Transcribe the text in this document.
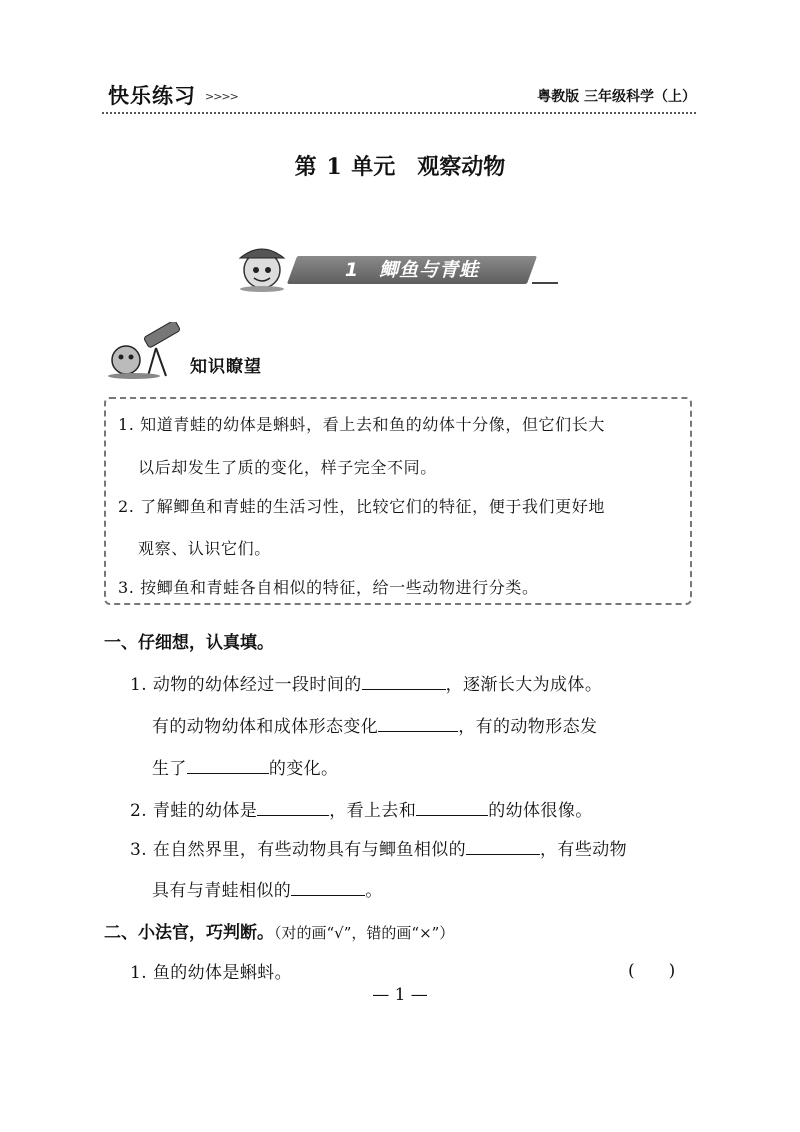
快乐练习 >>>>	粤教版 三年级科学（上）
第 1 单元　观察动物
1　鲫鱼与青蛙
知识瞭望
1. 知道青蛙的幼体是蝌蚪，看上去和鱼的幼体十分像，但它们长大
以后却发生了质的变化，样子完全不同。
2. 了解鲫鱼和青蛙的生活习性，比较它们的特征，便于我们更好地
观察、认识它们。
3. 按鲫鱼和青蛙各自相似的特征，给一些动物进行分类。
一、仔细想，认真填。
1. 动物的幼体经过一段时间的	，逐渐长大为成体。
有的动物幼体和成体形态变化	，有的动物形态发
生了	的变化。
2. 青蛙的幼体是	，看上去和	的幼体很像。
3. 在自然界里，有些动物具有与鲫鱼相似的	，有些动物
具有与青蛙相似的	。
二、小法官，巧判断。（对的画“√”，错的画“×”）
1. 鱼的幼体是蝌蚪。	(　　)
— 1 —
